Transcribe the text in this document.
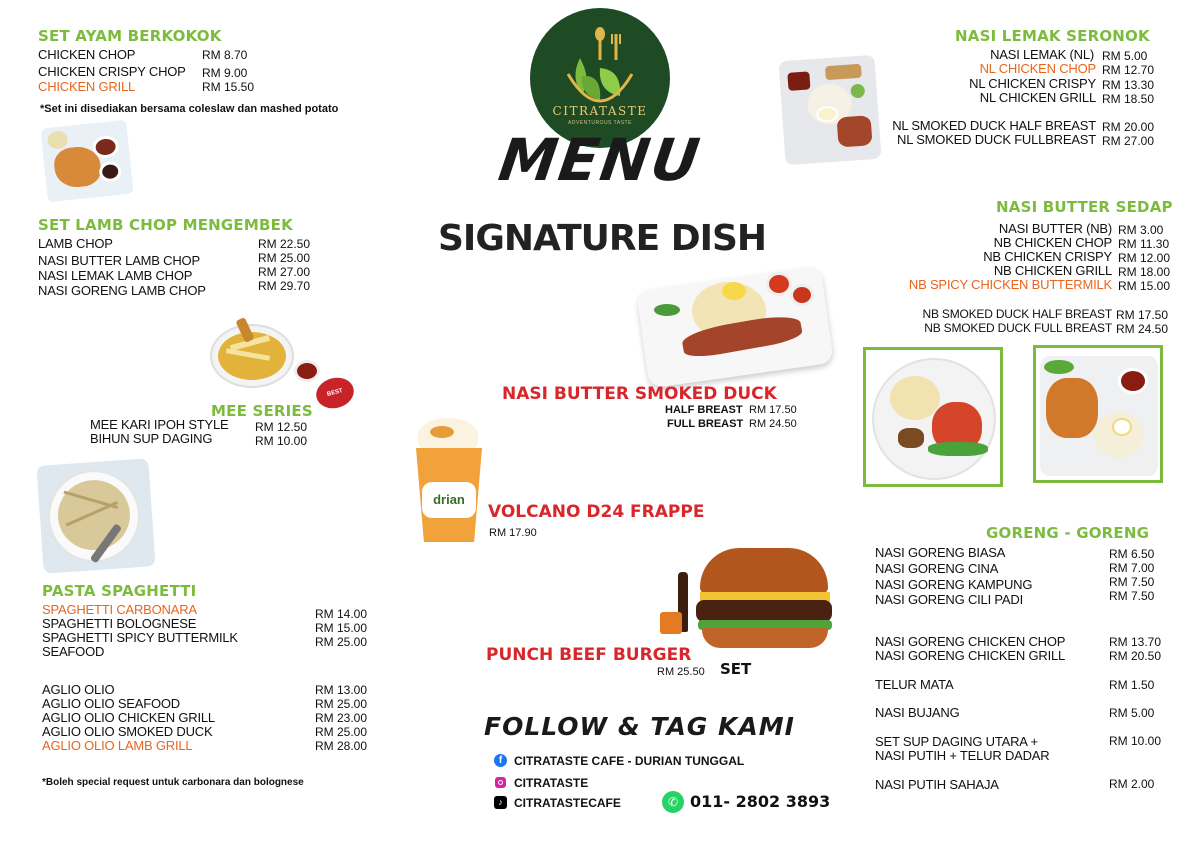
SET AYAM BERKOKOK
CHICKEN CHOP	RM 8.70
CHICKEN CRISPY CHOP RM 9.00
CHICKEN GRILL	RM 15.50
*Set ini disediakan bersama coleslaw dan mashed potato
SET LAMB CHOP MENGEMBEK
LAMB CHOP	RM 22.50
NASI BUTTER LAMB CHOP	RM 25.00
NASI LEMAK LAMB CHOP	RM 27.00
NASI GORENG LAMB CHOP	RM 29.70
BEST SELLER
MEE SERIES
MEE KARI IPOH STYLE RM 12.50
BIHUN SUP DAGING	RM 10.00
PASTA SPAGHETTI
SPAGHETTI CARBONARA	RM 14.00
SPAGHETTI BOLOGNESE	RM 15.00
SPAGHETTI SPICY BUTTERMILK
SEAFOOD
RM 25.00
AGLIO OLIO	RM 13.00
AGLIO OLIO SEAFOOD	RM 25.00
AGLIO OLIO CHICKEN GRILL	RM 23.00
AGLIO OLIO SMOKED DUCK	RM 25.00
AGLIO OLIO LAMB GRILL	RM 28.00
*Boleh special request untuk carbonara dan bolognese
CITRATASTE
ADVENTUROUS TASTE
MENU
SIGNATURE DISH
NASI BUTTER SMOKED DUCK
HALF BREAST RM 17.50
FULL BREAST RM 24.50
drian
VOLCANO D24 FRAPPE
RM 17.90
PUNCH BEEF BURGER
SET
RM 25.50
FOLLOW & TAG KAMI
f CITRATASTE CAFE - DURIAN TUNGGAL
CITRATASTE
♪ CITRATASTECAFE	✆ 011- 2802 3893
NASI LEMAK SERONOK
NASI LEMAK (NL) RM 5.00
NL CHICKEN CHOP RM 12.70
NL CHICKEN CRISPY RM 13.30
NL CHICKEN GRILL RM 18.50
NL SMOKED DUCK HALF BREAST RM 20.00
NL SMOKED DUCK FULLBREAST RM 27.00
NASI BUTTER SEDAP
NASI BUTTER (NB) RM 3.00
NB CHICKEN CHOP RM 11.30
NB CHICKEN CRISPY RM 12.00
NB CHICKEN GRILL RM 18.00
NB SPICY CHICKEN BUTTERMILK RM 15.00
NB SMOKED DUCK HALF BREAST RM 17.50
NB SMOKED DUCK FULL BREAST RM 24.50
GORENG - GORENG
NASI GORENG BIASA	RM 6.50
NASI GORENG CINA	RM 7.00
NASI GORENG KAMPUNG	RM 7.50
NASI GORENG CILI PADI	RM 7.50
NASI GORENG CHICKEN CHOP	RM 13.70
NASI GORENG CHICKEN GRILL	RM 20.50
TELUR MATA	RM 1.50
NASI BUJANG	RM 5.00
SET SUP DAGING UTARA +
NASI PUTIH + TELUR DADAR
RM 10.00
NASI PUTIH SAHAJA	RM 2.00
